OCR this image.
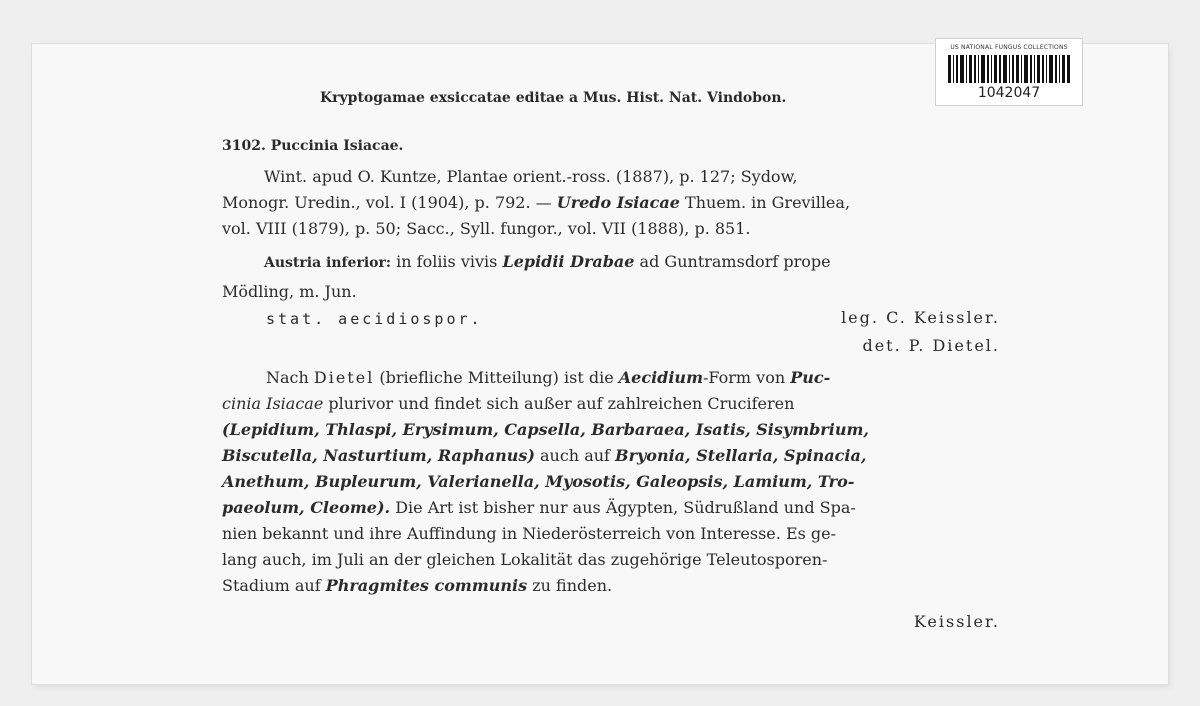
US NATIONAL FUNGUS COLLECTIONS
1042047
Kryptogamae exsiccatae editae a Mus. Hist. Nat. Vindobon.
3102. Puccinia Isiacae.
Wint. apud O. Kuntze, Plantae orient.-ross. (1887), p. 127; Sydow,
Monogr. Uredin., vol. I (1904), p. 792. — Uredo Isiacae Thuem. in Grevillea,
vol. VIII (1879), p. 50; Sacc., Syll. fungor., vol. VII (1888), p. 851.
Austria inferior: in foliis vivis Lepidii Drabae ad Guntramsdorf prope
Mödling, m. Jun.
stat. aecidiospor.	leg. C. Keissler.
det. P. Dietel.
Nach Dietel (briefliche Mitteilung) ist die Aecidium-Form von Puc-
cinia Isiacae plurivor und findet sich außer auf zahlreichen Cruciferen
(Lepidium, Thlaspi, Erysimum, Capsella, Barbaraea, Isatis, Sisymbrium,
Biscutella, Nasturtium, Raphanus) auch auf Bryonia, Stellaria, Spinacia,
Anethum, Bupleurum, Valerianella, Myosotis, Galeopsis, Lamium, Tro-
paeolum, Cleome). Die Art ist bisher nur aus Ägypten, Südrußland und Spa-
nien bekannt und ihre Auffindung in Niederösterreich von Interesse. Es ge-
lang auch, im Juli an der gleichen Lokalität das zugehörige Teleutosporen-
Stadium auf Phragmites communis zu finden.
Keissler.
